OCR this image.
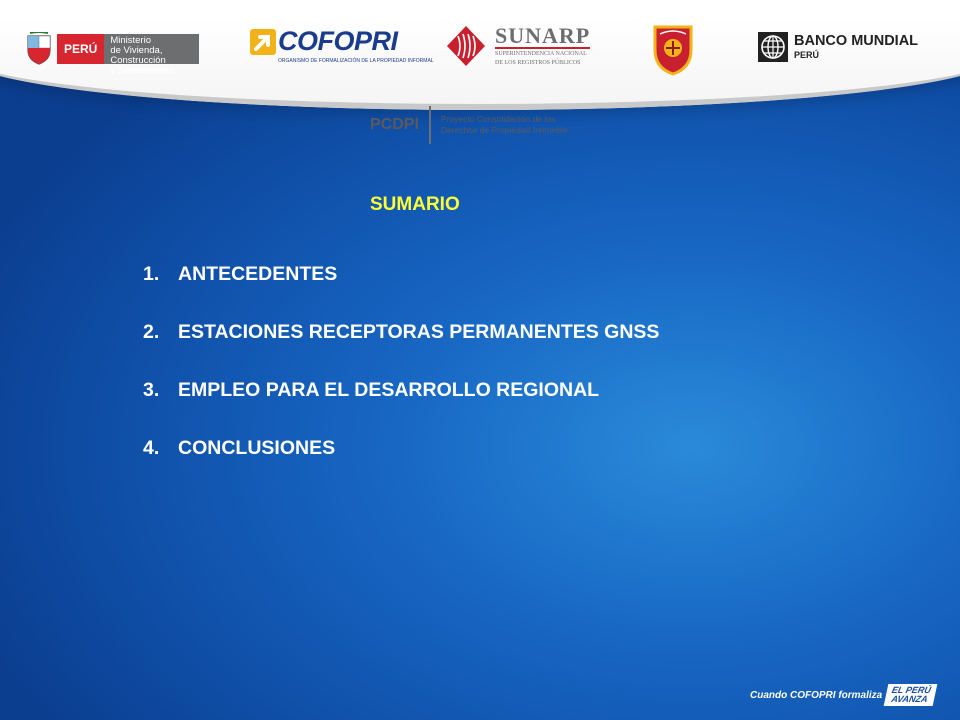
PERÚ
Ministerio
de Vivienda, Construcción
y Saneamiento
COFOPRI
ORGANISMO DE FORMALIZACIÓN DE LA PROPIEDAD INFORMAL
SUNARP
SUPERINTENDENCIA NACIONAL
DE LOS REGISTROS PÚBLICOS
BANCO MUNDIAL
PERÚ
PCDPI	Proyecto Consolidación de los
Derechos de Propiedad Inmueble
SUMARIO
1. ANTECEDENTES
2. ESTACIONES RECEPTORAS PERMANENTES GNSS
3. EMPLEO PARA EL DESARROLLO REGIONAL
4. CONCLUSIONES
Cuando COFOPRI formaliza EL PERÚ
AVANZA
